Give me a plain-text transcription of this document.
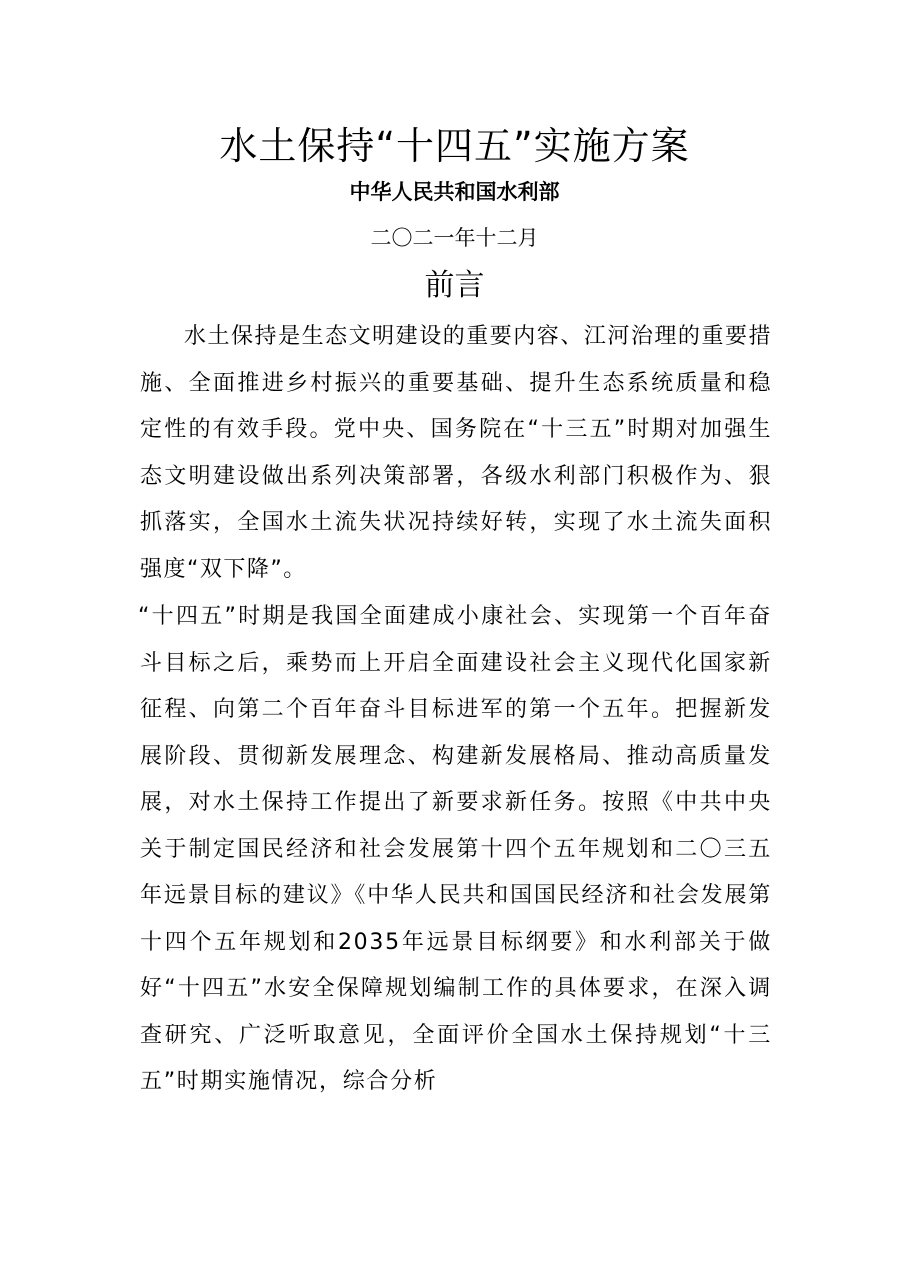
水土保持“十四五”实施方案
中华人民共和国水利部
二〇二一年十二月
前言

水土保持是生态文明建设的重要内容、江河治理的重要措施、全面推进乡村振兴的重要基础、提升生态系统质量和稳定性的有效手段。党中央、国务院在“十三五”时期对加强生态文明建设做出系列决策部署，各级水利部门积极作为、狠抓落实，全国水土流失状况持续好转，实现了水土流失面积强度“双下降”。

“十四五”时期是我国全面建成小康社会、实现第一个百年奋斗目标之后，乘势而上开启全面建设社会主义现代化国家新征程、向第二个百年奋斗目标进军的第一个五年。把握新发展阶段、贯彻新发展理念、构建新发展格局、推动高质量发展，对水土保持工作提出了新要求新任务。按照《中共中央关于制定国民经济和社会发展第十四个五年规划和二〇三五年远景目标的建议》《中华人民共和国国民经济和社会发展第十四个五年规划和2035年远景目标纲要》和水利部关于做好“十四五”水安全保障规划编制工作的具体要求，在深入调查研究、广泛听取意见，全面评价全国水土保持规划“十三五”时期实施情况，综合分析
